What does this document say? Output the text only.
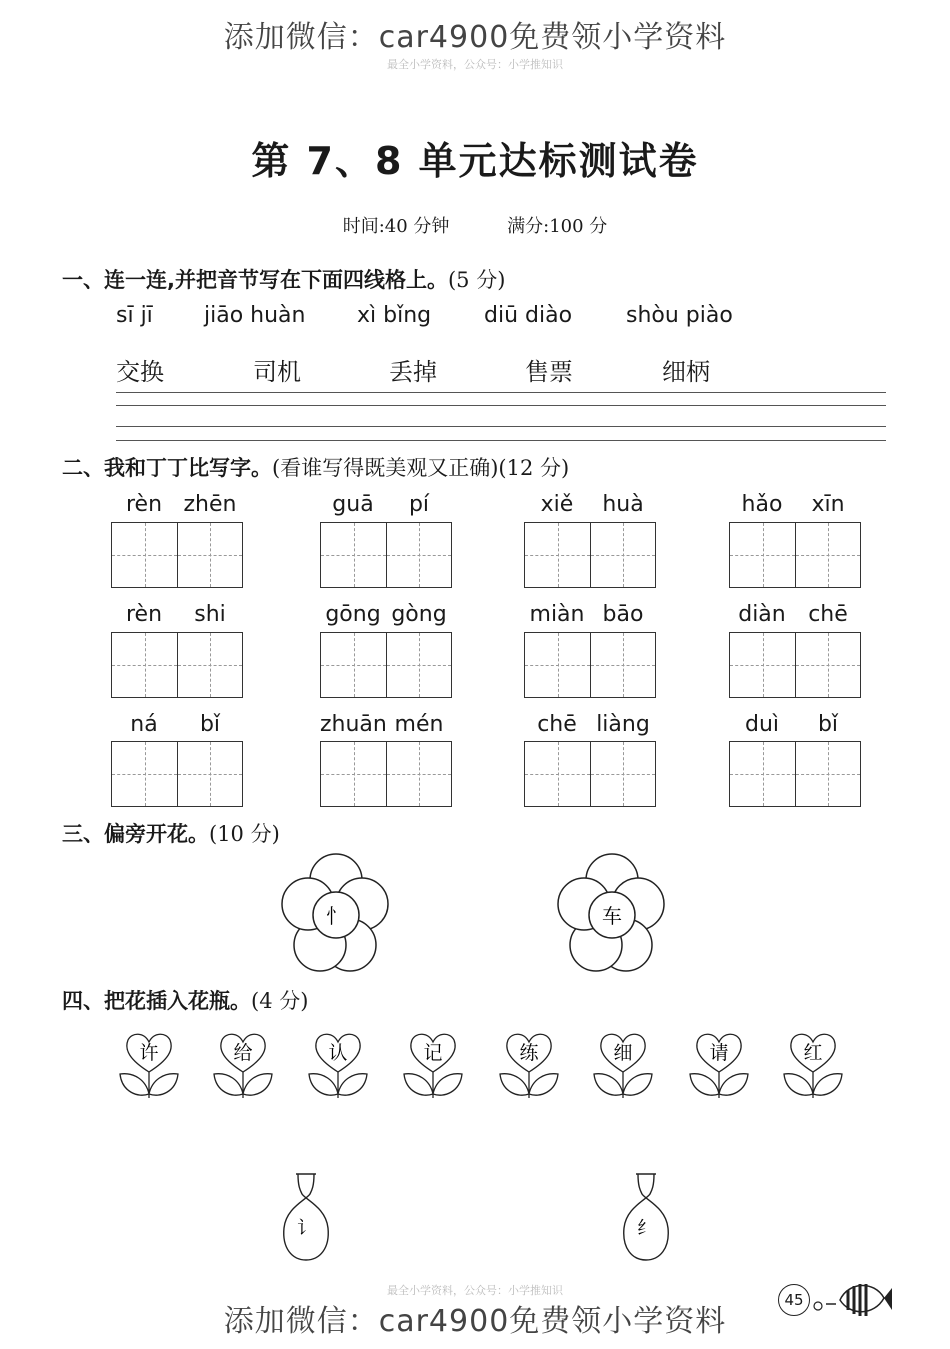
添加微信：car4900免费领小学资料
最全小学资料，公众号：小学推知识
第 7、8 单元达标测试卷
时间:40 分钟	满分:100 分
一、连一连,并把音节写在下面四线格上。(5 分)
sī jī jiāo huàn xì bǐng diū diào shòu piào
交换	司机	丢掉	售票	细柄
二、我和丁丁比写字。(看谁写得既美观又正确)(12 分)
rèn zhēn	guā	pí	xiě	huà	hǎo	xīn
rèn	shi	gōng gòng	miàn bāo	diàn	chē
ná	bǐ	zhuān mén	chē liàng	duì	bǐ
三、偏旁开花。(10 分)
忄	车
四、把花插入花瓶。(4 分)
许	给	认	记	练	细	请	红
讠	纟
最全小学资料，公众号：小学推知识
添加微信：car4900免费领小学资料
45
